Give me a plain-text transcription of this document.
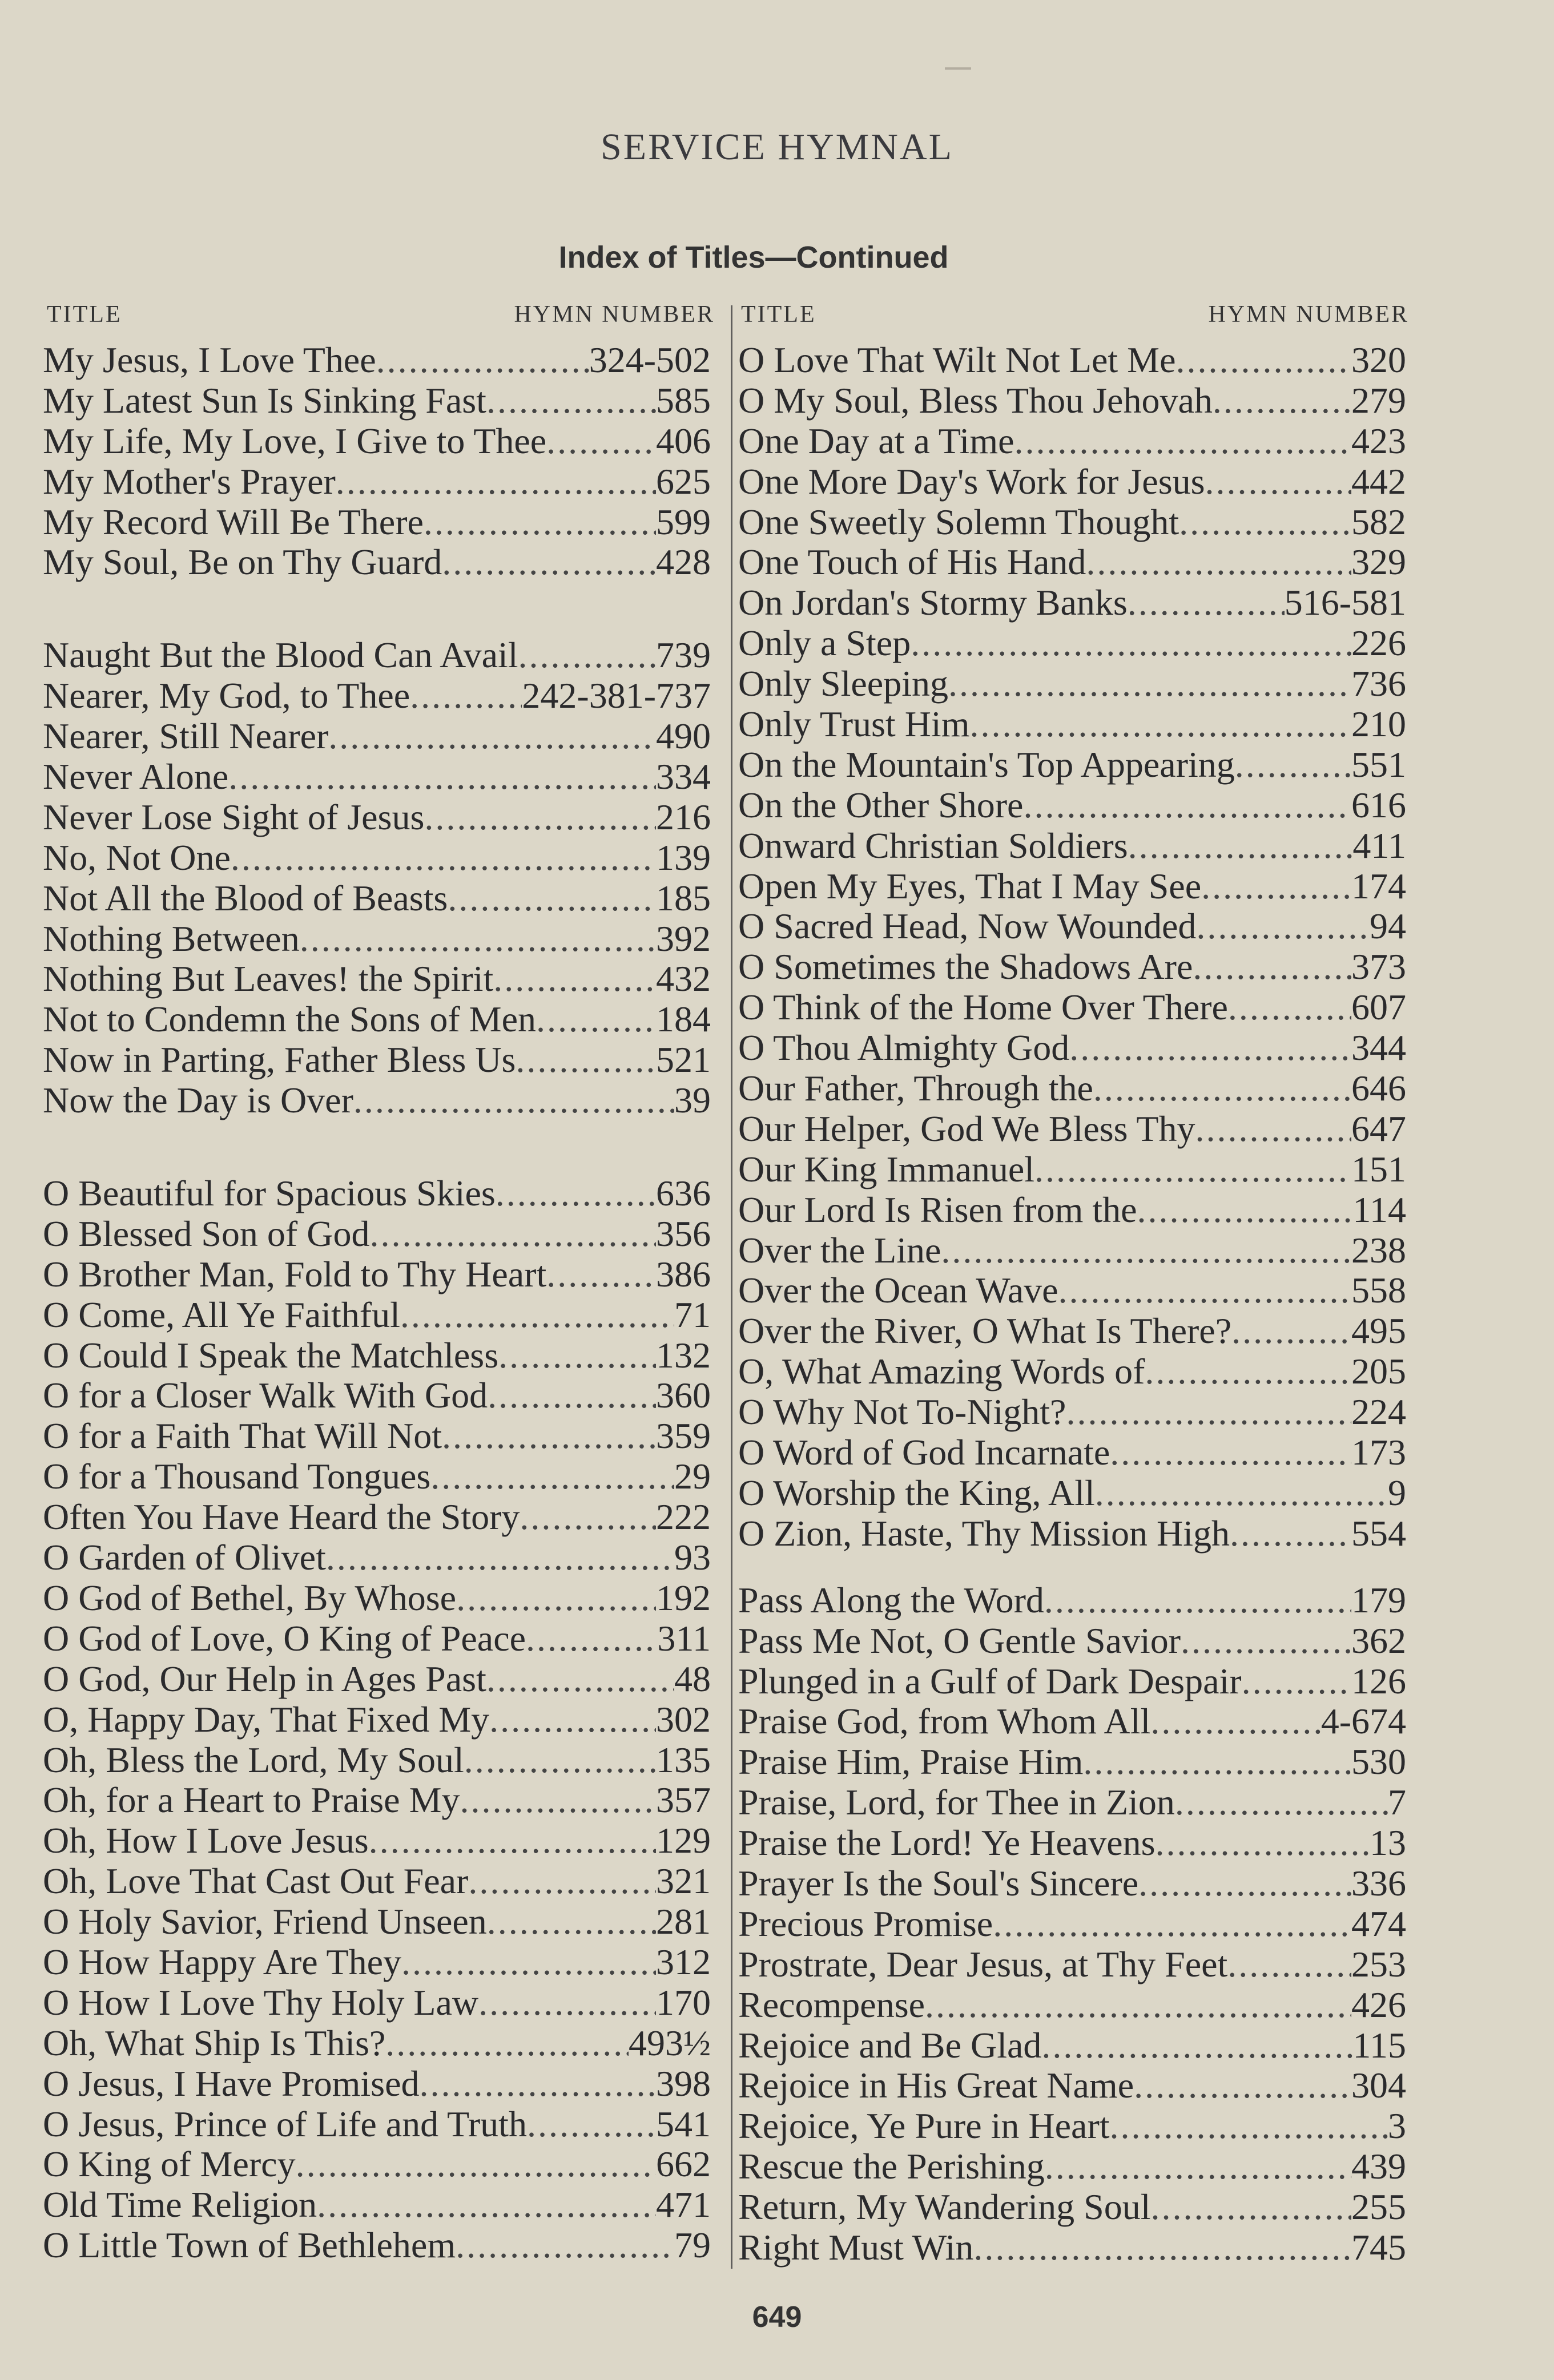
SERVICE HYMNAL
Index of Titles—Continued
TITLE	HYMN NUMBER TITLE	HYMN NUMBER
My Jesus, I Love Thee .....	324-502
My Latest Sun Is Sinking Fast .....	585
My Life, My Love, I Give to Thee .....	406
My Mother's Prayer .....	625
My Record Will Be There .....	599
My Soul, Be on Thy Guard .....	428
Naught But the Blood Can Avail .....	739
Nearer, My God, to Thee .....	242-381-737
Nearer, Still Nearer .....	490
Never Alone .....	334
Never Lose Sight of Jesus .....	216
No, Not One .....	139
Not All the Blood of Beasts .....	185
Nothing Between .....	392
Nothing But Leaves! the Spirit .....	432
Not to Condemn the Sons of Men .....	184
Now in Parting, Father Bless Us .....	521
Now the Day is Over .....	39
O Beautiful for Spacious Skies .....	636
O Blessed Son of God .....	356
O Brother Man, Fold to Thy Heart .....	386
O Come, All Ye Faithful .....	71
O Could I Speak the Matchless .....	132
O for a Closer Walk With God .....	360
O for a Faith That Will Not .....	359
O for a Thousand Tongues .....	29
Often You Have Heard the Story .....	222
O Garden of Olivet .....	93
O God of Bethel, By Whose .....	192
O God of Love, O King of Peace .....	311
O God, Our Help in Ages Past .....	48
O, Happy Day, That Fixed My .....	302
Oh, Bless the Lord, My Soul .....	135
Oh, for a Heart to Praise My .....	357
Oh, How I Love Jesus .....	129
Oh, Love That Cast Out Fear .....	321
O Holy Savior, Friend Unseen .....	281
O How Happy Are They .....	312
O How I Love Thy Holy Law .....	170
Oh, What Ship Is This? .....	493½
O Jesus, I Have Promised .....	398
O Jesus, Prince of Life and Truth .....	541
O King of Mercy .....	662
Old Time Religion .....	471
O Little Town of Bethlehem .....	79
O Love That Wilt Not Let Me .....	320
O My Soul, Bless Thou Jehovah .....	279
One Day at a Time .....	423
One More Day's Work for Jesus .....	442
One Sweetly Solemn Thought .....	582
One Touch of His Hand .....	329
On Jordan's Stormy Banks .....	516-581
Only a Step .....	226
Only Sleeping .....	736
Only Trust Him .....	210
On the Mountain's Top Appearing .....	551
On the Other Shore .....	616
Onward Christian Soldiers .....	411
Open My Eyes, That I May See .....	174
O Sacred Head, Now Wounded .....	94
O Sometimes the Shadows Are .....	373
O Think of the Home Over There .....	607
O Thou Almighty God .....	344
Our Father, Through the .....	646
Our Helper, God We Bless Thy .....	647
Our King Immanuel .....	151
Our Lord Is Risen from the .....	114
Over the Line .....	238
Over the Ocean Wave .....	558
Over the River, O What Is There? .....	495
O, What Amazing Words of .....	205
O Why Not To-Night? .....	224
O Word of God Incarnate .....	173
O Worship the King, All .....	9
O Zion, Haste, Thy Mission High .....	554
Pass Along the Word .....	179
Pass Me Not, O Gentle Savior .....	362
Plunged in a Gulf of Dark Despair .....	126
Praise God, from Whom All .....	4-674
Praise Him, Praise Him .....	530
Praise, Lord, for Thee in Zion .....	7
Praise the Lord! Ye Heavens .....	13
Prayer Is the Soul's Sincere .....	336
Precious Promise .....	474
Prostrate, Dear Jesus, at Thy Feet .....	253
Recompense .....	426
Rejoice and Be Glad .....	115
Rejoice in His Great Name .....	304
Rejoice, Ye Pure in Heart .....	3
Rescue the Perishing .....	439
Return, My Wandering Soul .....	255
Right Must Win .....	745
649
